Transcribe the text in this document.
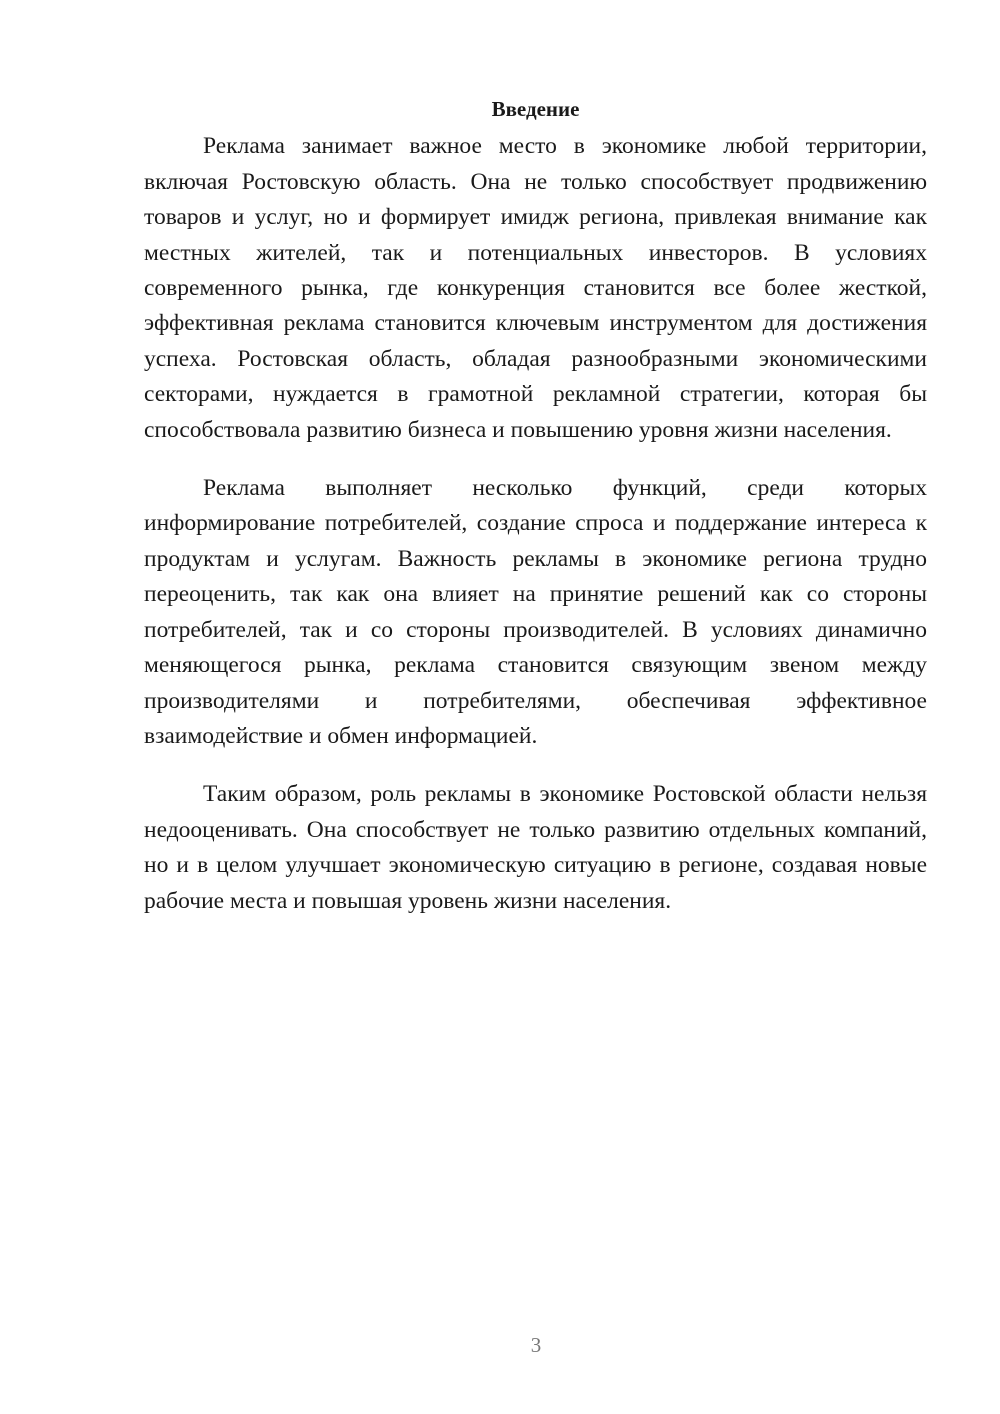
Введение

Реклама занимает важное место в экономике любой территории, включая Ростовскую область. Она не только способствует продвижению товаров и услуг, но и формирует имидж региона, привлекая внимание как местных жителей, так и потенциальных инвесторов. В условиях современного рынка, где конкуренция становится все более жесткой, эффективная реклама становится ключевым инструментом для достижения успеха. Ростовская область, обладая разнообразными экономическими секторами, нуждается в грамотной рекламной стратегии, которая бы способствовала развитию бизнеса и повышению уровня жизни населения.

Реклама выполняет несколько функций, среди которых информирование потребителей, создание спроса и поддержание интереса к продуктам и услугам. Важность рекламы в экономике региона трудно переоценить, так как она влияет на принятие решений как со стороны потребителей, так и со стороны производителей. В условиях динамично меняющегося рынка, реклама становится связующим звеном между производителями и потребителями, обеспечивая эффективное взаимодействие и обмен информацией.

Таким образом, роль рекламы в экономике Ростовской области нельзя недооценивать. Она способствует не только развитию отдельных компаний, но и в целом улучшает экономическую ситуацию в регионе, создавая новые рабочие места и повышая уровень жизни населения.

3
